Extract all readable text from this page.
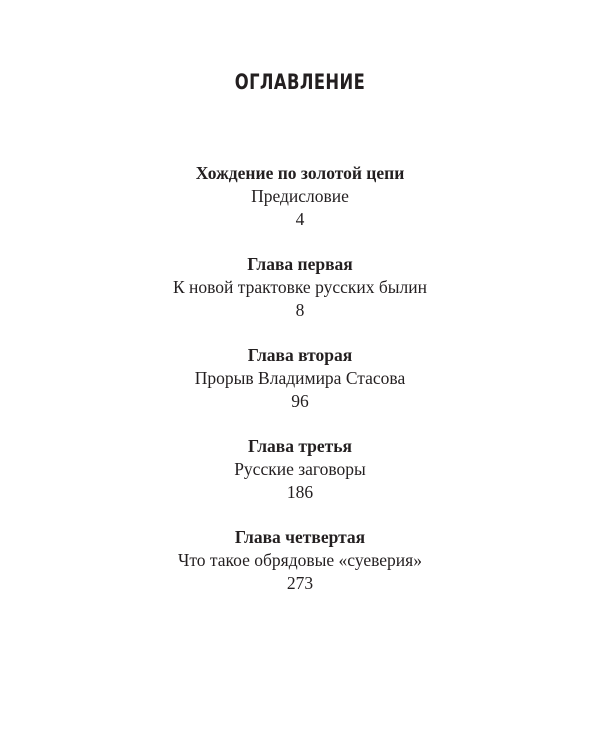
ОГЛАВЛЕНИЕ
Хождение по золотой цепи
Предисловие
4
Глава первая
К новой трактовке русских былин
8
Глава вторая
Прорыв Владимира Стасова
96
Глава третья
Русские заговоры
186
Глава четвертая
Что такое обрядовые «суеверия»
273
